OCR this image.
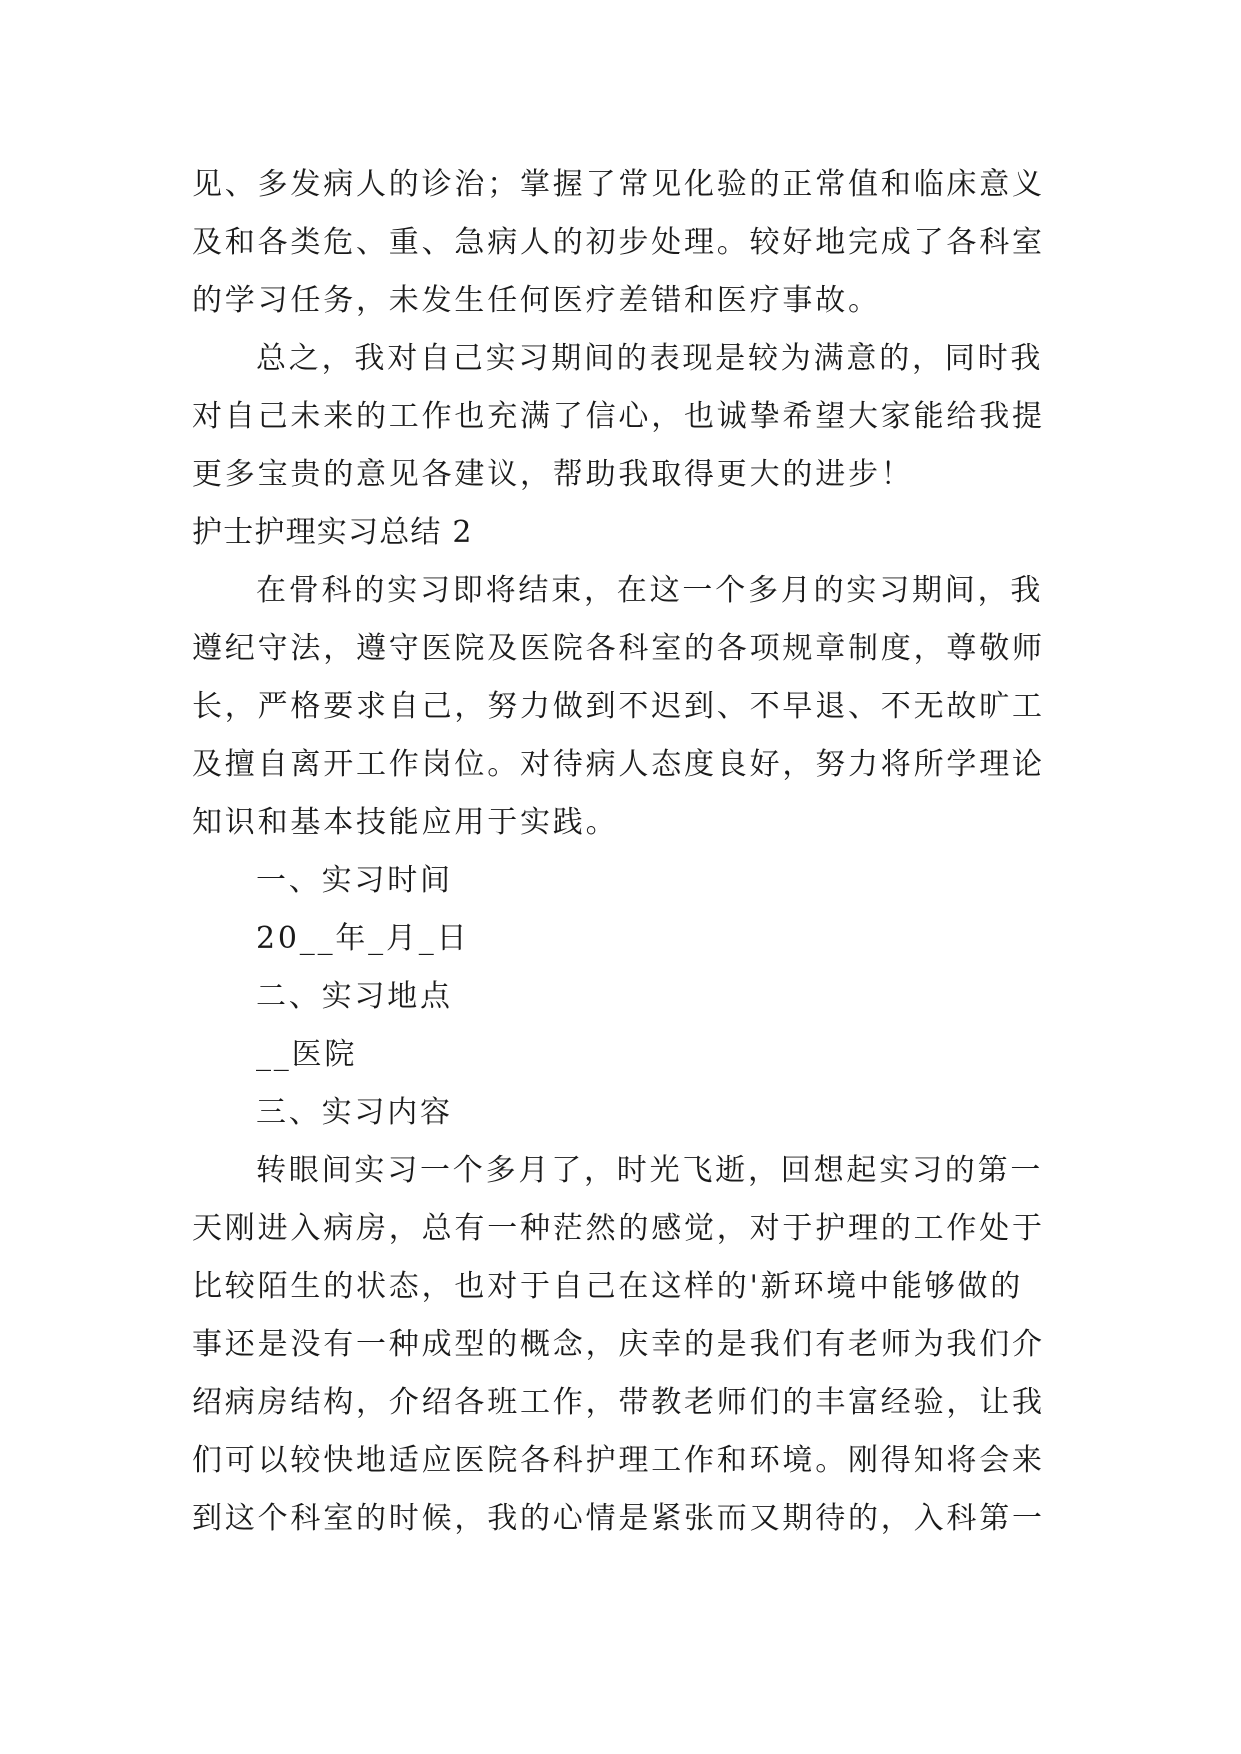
见、多发病人的诊治；掌握了常见化验的正常值和临床意义
及和各类危、重、急病人的初步处理。较好地完成了各科室
的学习任务，未发生任何医疗差错和医疗事故。
总之，我对自己实习期间的表现是较为满意的，同时我
对自己未来的工作也充满了信心，也诚挚希望大家能给我提
更多宝贵的意见各建议，帮助我取得更大的进步！
护士护理实习总结 2
在骨科的实习即将结束，在这一个多月的实习期间，我
遵纪守法，遵守医院及医院各科室的各项规章制度，尊敬师
长，严格要求自己，努力做到不迟到、不早退、不无故旷工
及擅自离开工作岗位。对待病人态度良好，努力将所学理论
知识和基本技能应用于实践。
一、实习时间
20__年_月_日
二、实习地点
__医院
三、实习内容
转眼间实习一个多月了，时光飞逝，回想起实习的第一
天刚进入病房，总有一种茫然的感觉，对于护理的工作处于
比较陌生的状态，也对于自己在这样的'新环境中能够做的
事还是没有一种成型的概念，庆幸的是我们有老师为我们介
绍病房结构，介绍各班工作，带教老师们的丰富经验，让我
们可以较快地适应医院各科护理工作和环境。刚得知将会来
到这个科室的时候，我的心情是紧张而又期待的，入科第一
